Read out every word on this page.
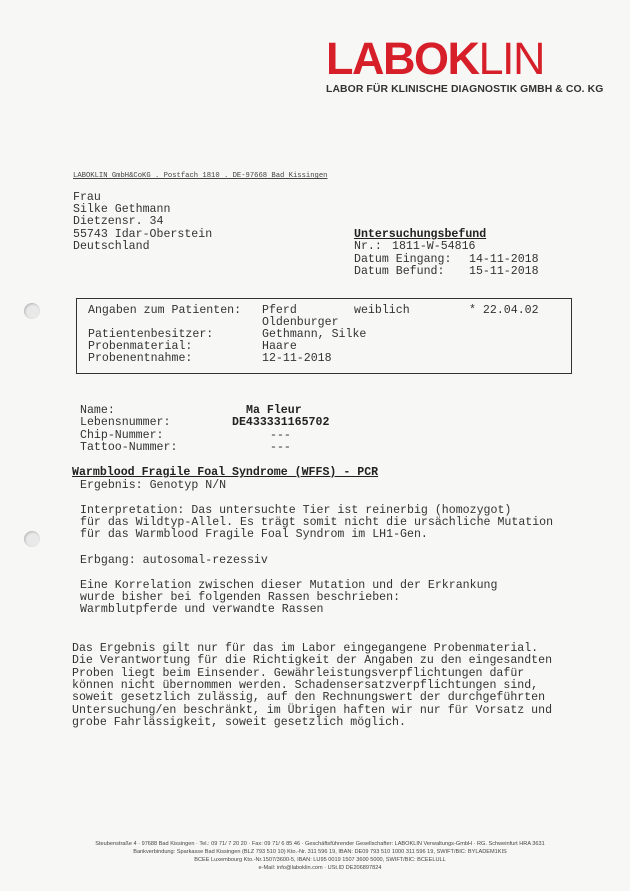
LABOKLIN
LABOR FÜR KLINISCHE DIAGNOSTIK GMBH & CO. KG
LABOKLIN GmbH&CoKG . Postfach 1810 . DE-97668 Bad Kissingen
Frau
Silke Gethmann
Dietzensr. 34
55743 Idar-Oberstein
Deutschland
Untersuchungsbefund
Nr.: 1811-W-54816
Datum Eingang: 14-11-2018
Datum Befund: 15-11-2018
Angaben zum Patienten: Pferd	weiblich	* 22.04.02
Oldenburger
Patientenbesitzer:	Gethmann, Silke
Probenmaterial:	Haare
Probenentnahme:	12-11-2018
Name:	Ma Fleur
Lebensnummer:	DE433331165702
Chip-Nummer:	---
Tattoo-Nummer:	---
Warmblood Fragile Foal Syndrome (WFFS) - PCR
Ergebnis: Genotyp N/N
Interpretation: Das untersuchte Tier ist reinerbig (homozygot)
für das Wildtyp-Allel. Es trägt somit nicht die ursächliche Mutation
für das Warmblood Fragile Foal Syndrom im LH1-Gen.
Erbgang: autosomal-rezessiv
Eine Korrelation zwischen dieser Mutation und der Erkrankung
wurde bisher bei folgenden Rassen beschrieben:
Warmblutpferde und verwandte Rassen
Das Ergebnis gilt nur für das im Labor eingegangene Probenmaterial.
Die Verantwortung für die Richtigkeit der Angaben zu den eingesandten
Proben liegt beim Einsender. Gewährleistungsverpflichtungen dafür
können nicht übernommen werden. Schadensersatzverpflichtungen sind,
soweit gesetzlich zulässig, auf den Rechnungswert der durchgeführten
Untersuchung/en beschränkt, im Übrigen haften wir nur für Vorsatz und
grobe Fahrlässigkeit, soweit gesetzlich möglich.
Steubenstraße 4 · 97688 Bad Kissingen · Tel.: 09 71/ 7 20 20 · Fax: 09 71/ 6 85 46 · Geschäftsführender Gesellschafter: LABOKLIN Verwaltungs-GmbH · RG. Schweinfurt HRA 3631
Bankverbindung: Sparkasse Bad Kissingen (BLZ 793 510 10) Kto.-Nr. 311 596 19, IBAN: DE09 793 510 1000 311 596 19, SWIFT/BIC: BYLADEM1KIS
BCEE Luxembourg Kto.-Nr.1507/3600-5, IBAN: LU95 0019 1507 3600 5000, SWIFT/BIC: BCEELULL
e-Mail: info@laboklin.com · USt.ID DE206897824
